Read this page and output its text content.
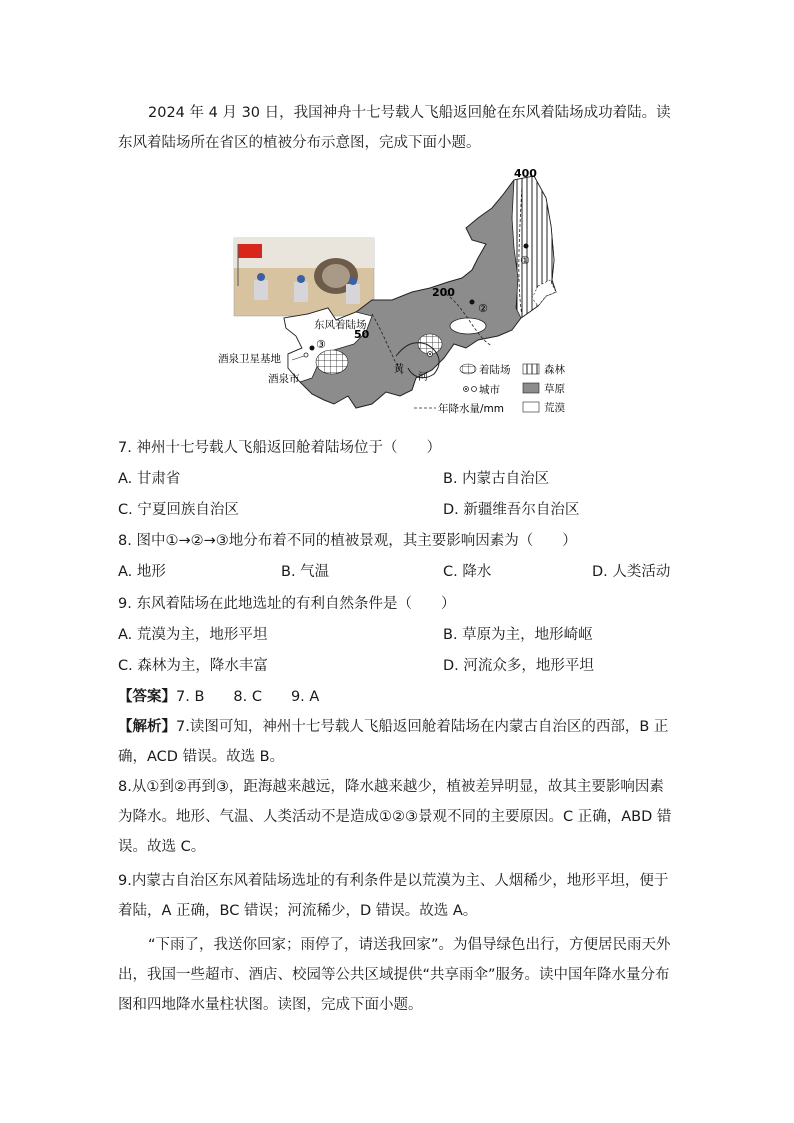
2024 年 4 月 30 日，我国神舟十七号载人飞船返回舱在东风着陆场成功着陆。读东风着陆场所在省区的植被分布示意图，完成下面小题。

400
200
50
东风着陆场
酒泉卫星基地
酒泉市
黄
河
①
②
③
着陆场
城市
森林
草原
荒漠
年降水量/mm
7. 神州十七号载人飞船返回舱着陆场位于（　　）
A. 甘肃省	B. 内蒙古自治区
C. 宁夏回族自治区	D. 新疆维吾尔自治区
8. 图中①→②→③地分布着不同的植被景观，其主要影响因素为（　　）
A. 地形	B. 气温	C. 降水	D. 人类活动
9. 东风着陆场在此地选址的有利自然条件是（　　）
A. 荒漠为主，地形平坦	B. 草原为主，地形崎岖
C. 森林为主，降水丰富	D. 河流众多，地形平坦
【答案】7. B　　8. C　　9. A

【解析】7.读图可知，神州十七号载人飞船返回舱着陆场在内蒙古自治区的西部，B 正确，ACD 错误。故选 B。

8.从①到②再到③，距海越来越远，降水越来越少，植被差异明显，故其主要影响因素为降水。地形、气温、人类活动不是造成①②③景观不同的主要原因。C 正确，ABD 错误。故选 C。

9.内蒙古自治区东风着陆场选址的有利条件是以荒漠为主、人烟稀少，地形平坦，便于着陆，A 正确，BC 错误；河流稀少，D 错误。故选 A。

“下雨了，我送你回家；雨停了，请送我回家”。为倡导绿色出行，方便居民雨天外出，我国一些超市、酒店、校园等公共区域提供“共享雨伞”服务。读中国年降水量分布图和四地降水量柱状图。读图，完成下面小题。
